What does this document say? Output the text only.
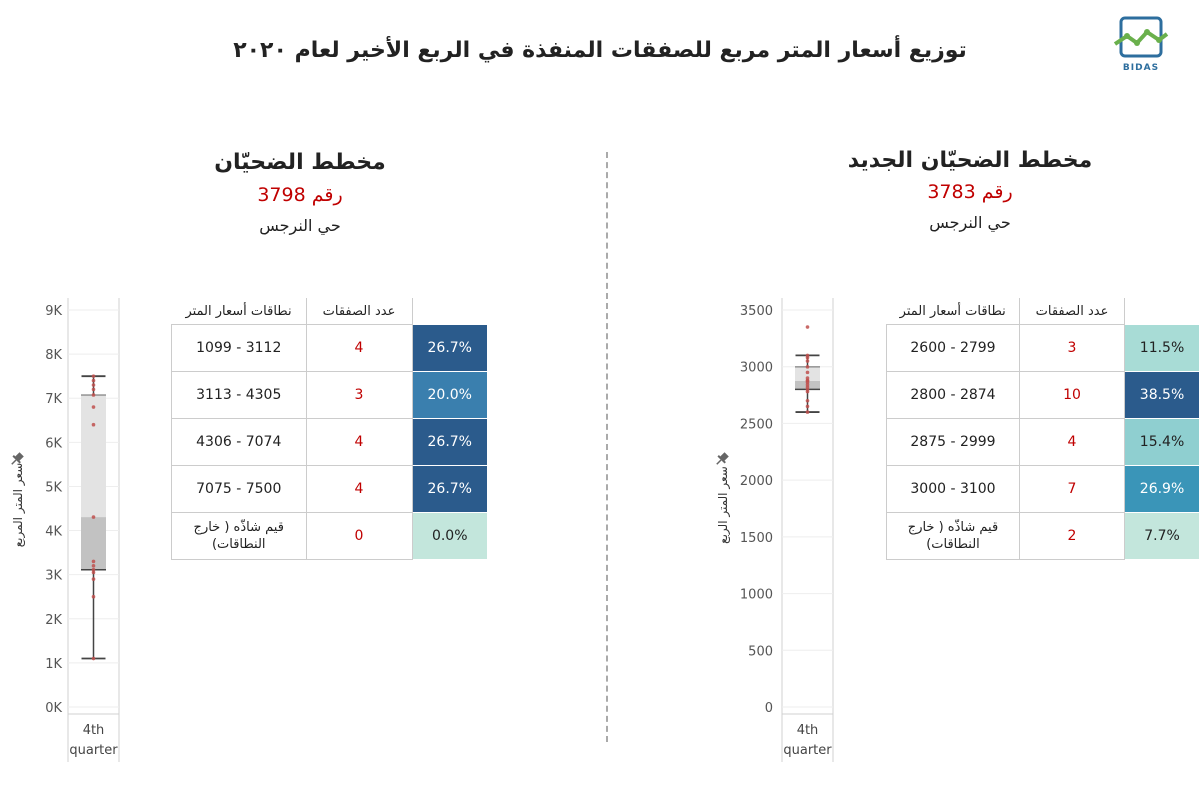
توزيع أسعار المتر مربع للصفقات المنفذة في الربع الأخير لعام ٢٠٢٠
BIDAS
مخطط الضحيّان
رقم 3798
حي النرجس
مخطط الضحيّان الجديد
رقم 3783
حي النرجس
نطاقات أسعار المتر	عدد الصفقات	
1099 - 3112	4	26.7%
3113 - 4305	3	20.0%
4306 - 7074	4	26.7%
7075 - 7500	4	26.7%
قيم شاذّه ( خارج النطاقات)	0	0.0%
نطاقات أسعار المتر	عدد الصفقات	
2600 - 2799	3	11.5%
2800 - 2874	10	38.5%
2875 - 2999	4	15.4%
3000 - 3100	7	26.9%
قيم شاذّه ( خارج النطاقات)	2	7.7%
0K
1K
2K
3K
4K
5K
6K
7K
8K
9K
سعر المتر المربع
4th
quarter
0
500
1000
1500
2000
2500
3000
3500
سعر المتر الربع
4th
quarter
